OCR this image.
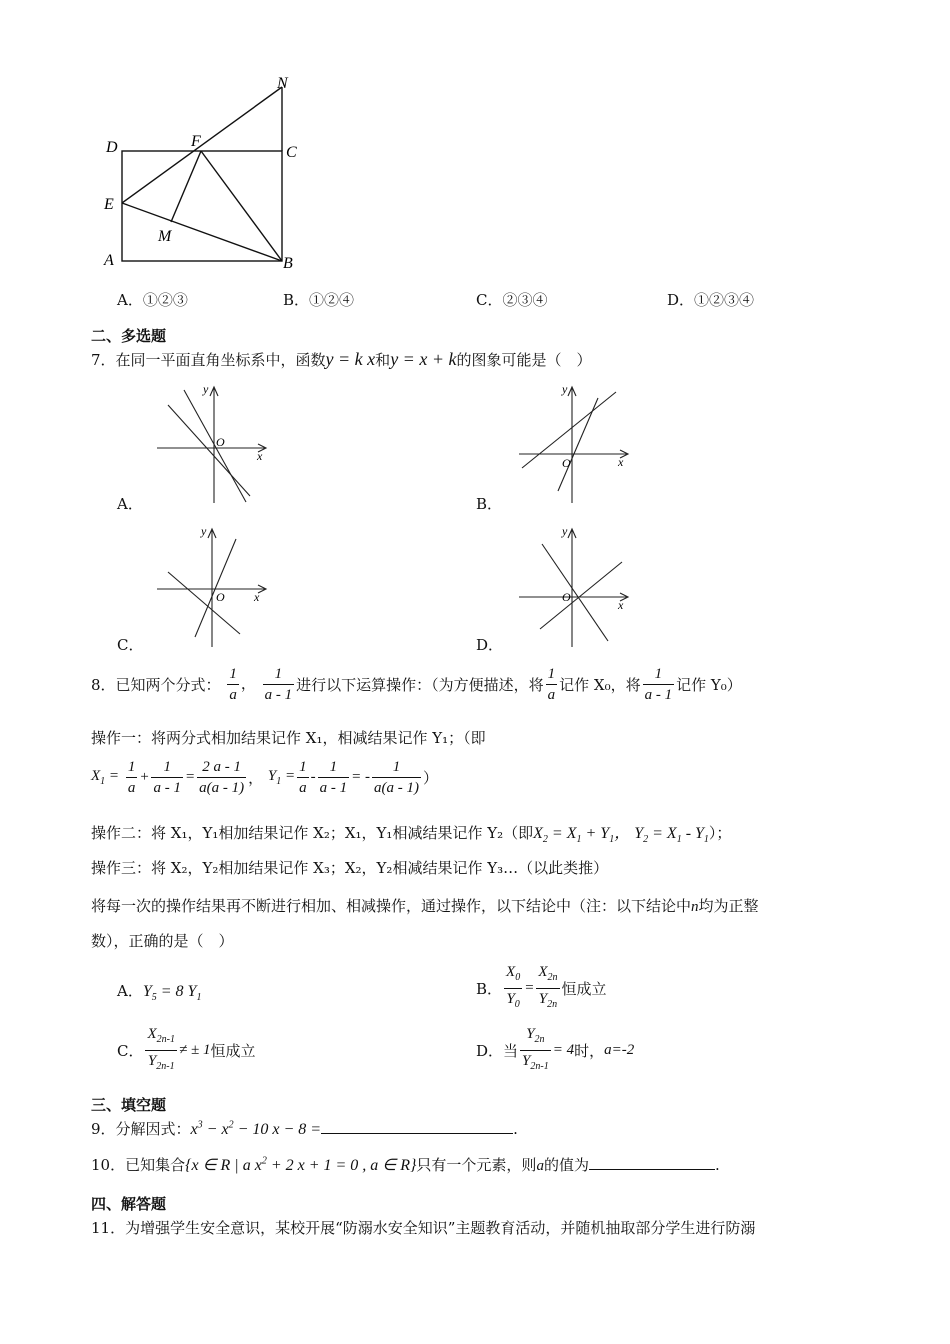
N
D	F
C
E
M
A	B
A．①②③	B．①②④	C．②③④	D．①②③④
二、多选题
7．在同一平面直角坐标系中，函数y = k x和y = x + k的图象可能是（　）
y
x
O
A．
y
x
O
B．
y
x
O
C．
y
x
O
D．
8．已知两个分式： $\frac{1}{a}$ ， $\frac{1}{a - 1}$ 进行以下运算操作：（为方便描述，将 $\frac{1}{a}$ 记作 X₀，将 $\frac{1}{a - 1}$ 记作 Y₀）
操作一：将两分式相加结果记作 X₁，相减结果记作 Y₁；（即
$X_1 = \frac{1}{a} + \frac{1}{a - 1} = \frac{2 a - 1}{a(a - 1)}$ ， $Y_1 = \frac{1}{a} - \frac{1}{a - 1}$ = - $\frac{1}{a(a - 1)}$ ）
操作二：将 X₁，Y₁相加结果记作 X₂；X₁，Y₁相减结果记作 Y₂（即$X_2 = X_1 + Y_1$， $Y_2 = X_1 - Y_1$）；
操作三：将 X₂，Y₂相加结果记作 X₃；X₂，Y₂相减结果记作 Y₃…（以此类推）
将每一次的操作结果再不断进行相加、相减操作，通过操作，以下结论中（注：以下结论中n均为正整
数），正确的是（　）
A．$Y_5 = 8$ $Y_1$	B． $\frac{X_0}{Y_0} = \frac{X_{2n}}{Y_{2n}}$ 恒成立
C． $\frac{X_{2n-1}}{Y_{2n-1}}$ ≠ ± 1恒成立	D．当 $\frac{Y_{2n}}{Y_{2n-1}} = 4$时，a=-2
三、填空题
9．分解因式：$x^3 - x^2 - 10$ x − 8 =	.
10．已知集合{x ∈ R | a $x^2 + 2$ x + 1 = 0 , a ∈ R}只有一个元素，则a的值为	.
四、解答题
11．为增强学生安全意识，某校开展“防溺水安全知识”主题教育活动，并随机抽取部分学生进行防溺
